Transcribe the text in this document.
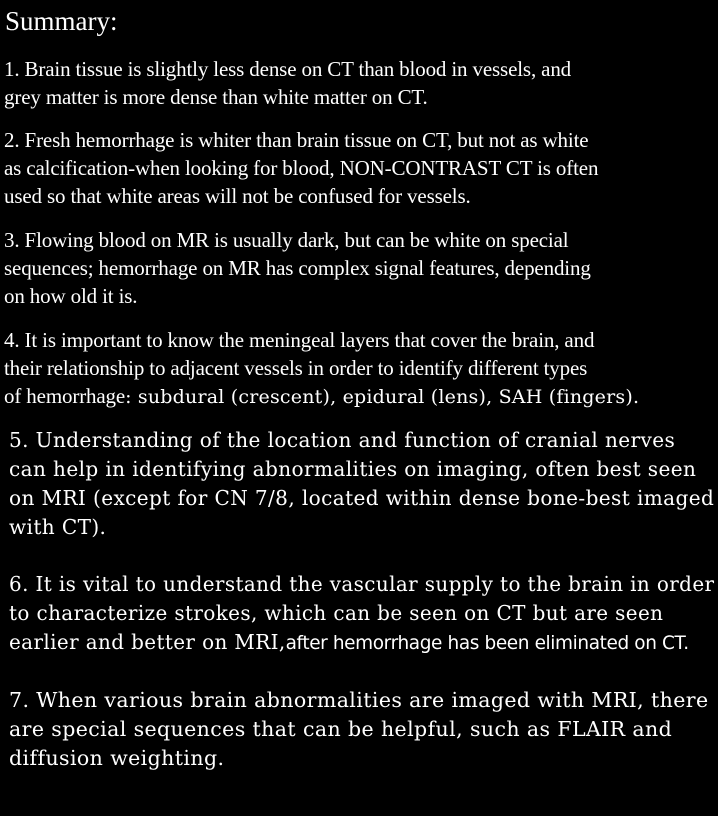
Summary:

1. Brain tissue is slightly less dense on CT than blood in vessels, and
grey matter is more dense than white matter on CT.

2. Fresh hemorrhage is whiter than brain tissue on CT, but not as white
as calcification-when looking for blood, NON-CONTRAST CT is often
used so that white areas will not be confused for vessels.

3. Flowing blood on MR is usually dark, but can be white on special
sequences; hemorrhage on MR has complex signal features, depending
on how old it is.

4. It is important to know the meningeal layers that cover the brain, and
their relationship to adjacent vessels in order to identify different types
of hemorrhage: subdural (crescent), epidural (lens), SAH (fingers).

5. Understanding of the location and function of cranial nerves
can help in identifying abnormalities on imaging, often best seen
on MRI (except for CN 7/8, located within dense bone-best imaged
with CT).

6. It is vital to understand the vascular supply to the brain in order
to characterize strokes, which can be seen on CT but are seen
earlier and better on MRI,after hemorrhage has been eliminated on CT.

7. When various brain abnormalities are imaged with MRI, there
are special sequences that can be helpful, such as FLAIR and
diffusion weighting.
